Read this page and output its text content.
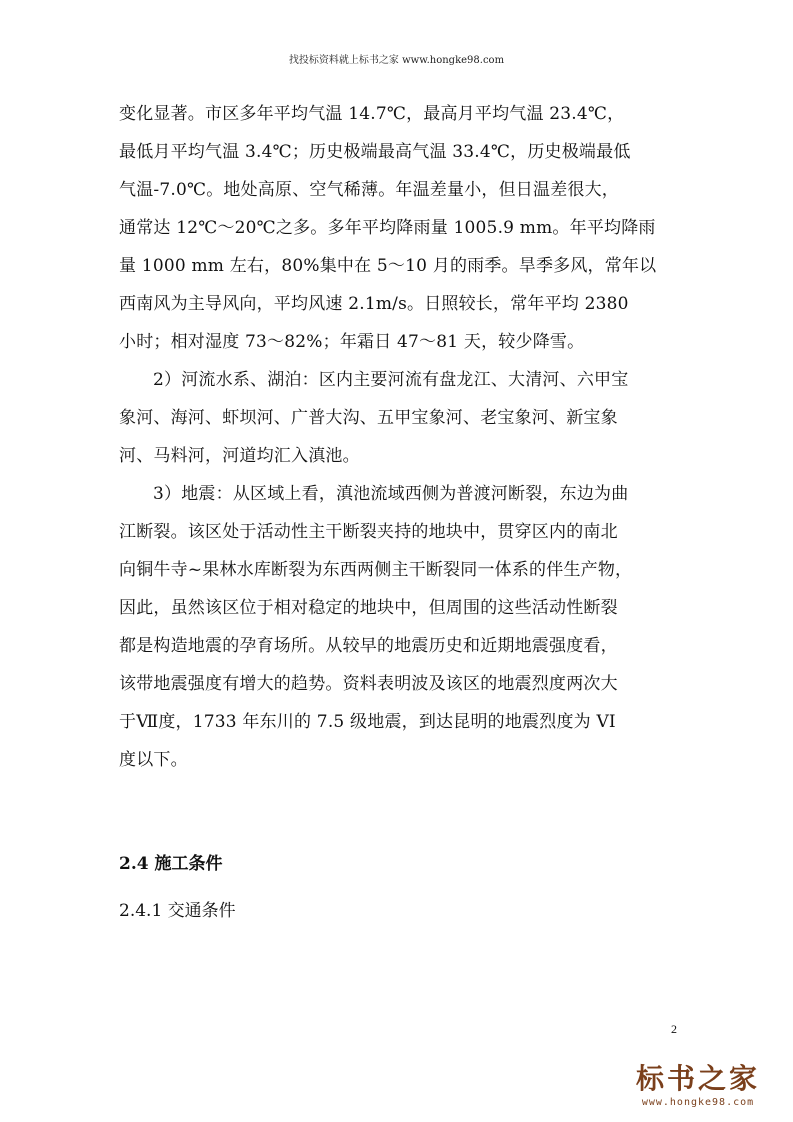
找投标资料就上标书之家 www.hongke98.com

变化显著。市区多年平均气温 14.7℃，最高月平均气温 23.4℃，
最低月平均气温 3.4℃；历史极端最高气温 33.4℃，历史极端最低
气温-7.0℃。地处高原、空气稀薄。年温差量小，但日温差很大，
通常达 12℃～20℃之多。多年平均降雨量 1005.9 mm。年平均降雨
量 1000 mm 左右，80%集中在 5～10 月的雨季。旱季多风，常年以
西南风为主导风向，平均风速 2.1m/s。日照较长，常年平均 2380
小时；相对湿度 73～82%；年霜日 47～81 天，较少降雪。

2）河流水系、湖泊：区内主要河流有盘龙江、大清河、六甲宝
象河、海河、虾坝河、广普大沟、五甲宝象河、老宝象河、新宝象
河、马料河，河道均汇入滇池。

3）地震：从区域上看，滇池流域西侧为普渡河断裂，东边为曲
江断裂。该区处于活动性主干断裂夹持的地块中，贯穿区内的南北
向铜牛寺~果林水库断裂为东西两侧主干断裂同一体系的伴生产物，
因此，虽然该区位于相对稳定的地块中，但周围的这些活动性断裂
都是构造地震的孕育场所。从较早的地震历史和近期地震强度看，
该带地震强度有增大的趋势。资料表明波及该区的地震烈度两次大
于Ⅶ度，1733 年东川的 7.5 级地震，到达昆明的地震烈度为 VI
度以下。

2.4 施工条件
2.4.1 交通条件
2
标书之家
www.hongke98.com
